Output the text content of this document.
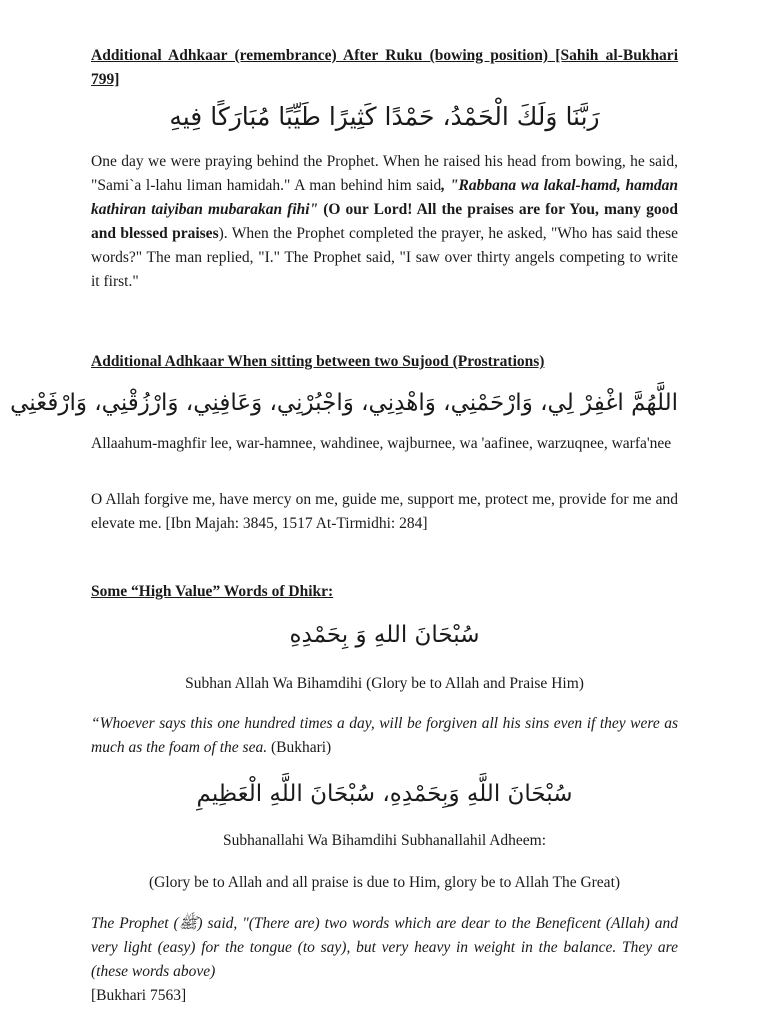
Additional Adhkaar (remembrance) After Ruku (bowing position) [Sahih al-Bukhari 799]

رَبَّنَا وَلَكَ الْحَمْدُ، حَمْدًا كَثِيرًا طَيِّبًا مُبَارَكًا فِيهِ

One day we were praying behind the Prophet. When he raised his head from bowing, he said, "Sami`a l-lahu liman hamidah." A man behind him said, "Rabbana wa lakal-hamd, hamdan kathiran taiyiban mubarakan fihi" (O our Lord! All the praises are for You, many good and blessed praises). When the Prophet completed the prayer, he asked, "Who has said these words?" The man replied, "I." The Prophet said, "I saw over thirty angels competing to write it first."

Additional Adhkaar When sitting between two Sujood (Prostrations)

اللَّهُمَّ اغْفِرْ لِي، وَارْحَمْنِي، وَاهْدِنِي، وَاجْبُرْنِي، وَعَافِنِي، وَارْزُقْنِي، وَارْفَعْنِي

Allaahum-maghfir lee, war-hamnee, wahdinee, wajburnee, wa 'aafinee, warzuqnee, warfa'nee

O Allah forgive me, have mercy on me, guide me, support me, protect me, provide for me and elevate me. [Ibn Majah: 3845, 1517 At-Tirmidhi: 284]

Some “High Value” Words of Dhikr:

سُبْحَانَ اللهِ وَ بِحَمْدِهِ

Subhan Allah Wa Bihamdihi (Glory be to Allah and Praise Him)

“Whoever says this one hundred times a day, will be forgiven all his sins even if they were as much as the foam of the sea. (Bukhari)

سُبْحَانَ اللَّهِ وَبِحَمْدِهِ، سُبْحَانَ اللَّهِ الْعَظِيمِ

Subhanallahi Wa Bihamdihi Subhanallahil Adheem:

(Glory be to Allah and all praise is due to Him, glory be to Allah The Great)

The Prophet (ﷺ) said, "(There are) two words which are dear to the Beneficent (Allah) and very light (easy) for the tongue (to say), but very heavy in weight in the balance. They are (these words above)
[Bukhari 7563]
